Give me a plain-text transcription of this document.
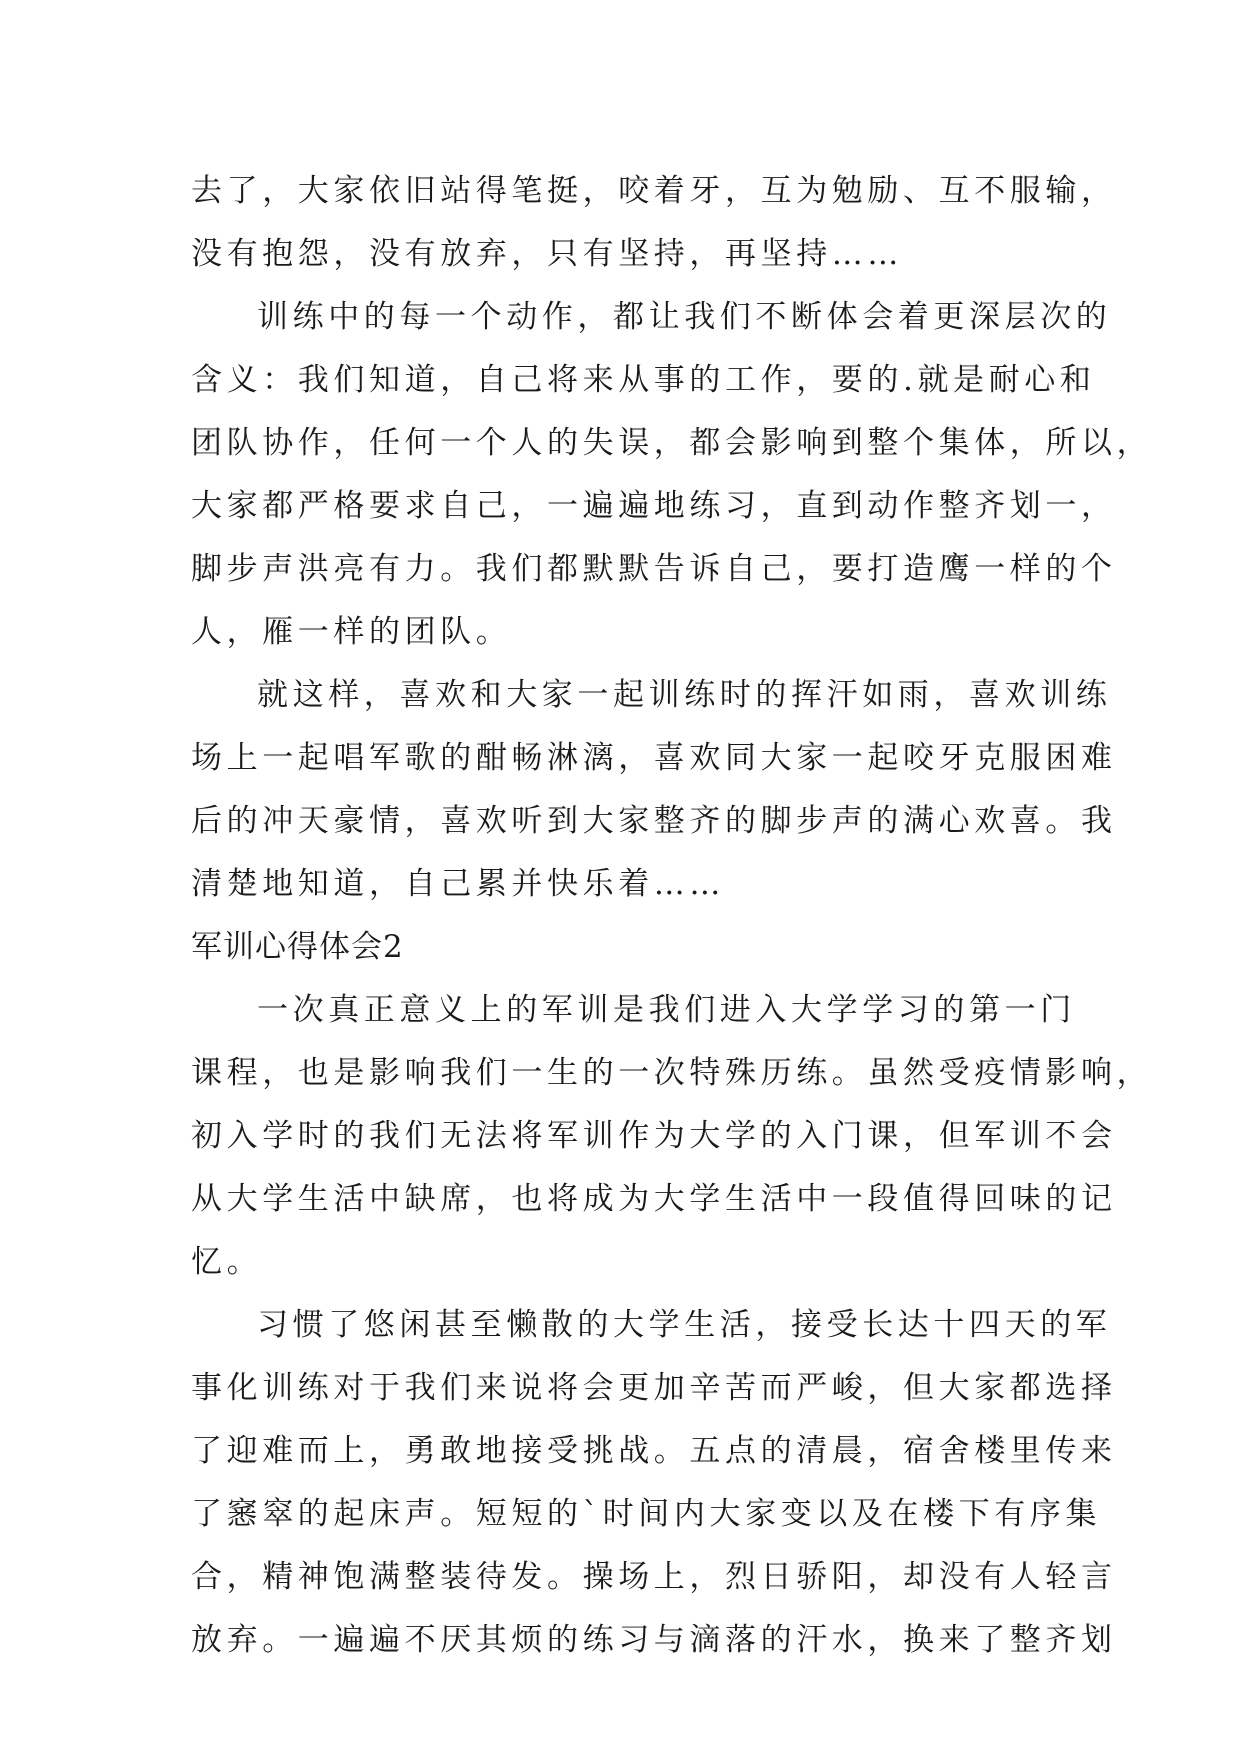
去了，大家依旧站得笔挺，咬着牙，互为勉励、互不服输，
没有抱怨，没有放弃，只有坚持，再坚持……
训练中的每一个动作，都让我们不断体会着更深层次的
含义：我们知道，自己将来从事的工作，要的.就是耐心和
团队协作，任何一个人的失误，都会影响到整个集体，所以，
大家都严格要求自己，一遍遍地练习，直到动作整齐划一，
脚步声洪亮有力。我们都默默告诉自己，要打造鹰一样的个
人，雁一样的团队。
就这样，喜欢和大家一起训练时的挥汗如雨，喜欢训练
场上一起唱军歌的酣畅淋漓，喜欢同大家一起咬牙克服困难
后的冲天豪情，喜欢听到大家整齐的脚步声的满心欢喜。我
清楚地知道，自己累并快乐着……
军训心得体会2
一次真正意义上的军训是我们进入大学学习的第一门
课程，也是影响我们一生的一次特殊历练。虽然受疫情影响，
初入学时的我们无法将军训作为大学的入门课，但军训不会
从大学生活中缺席，也将成为大学生活中一段值得回味的记
忆。
习惯了悠闲甚至懒散的大学生活，接受长达十四天的军
事化训练对于我们来说将会更加辛苦而严峻，但大家都选择
了迎难而上，勇敢地接受挑战。五点的清晨，宿舍楼里传来
了窸窣的起床声。短短的`时间内大家变以及在楼下有序集
合，精神饱满整装待发。操场上，烈日骄阳，却没有人轻言
放弃。一遍遍不厌其烦的练习与滴落的汗水，换来了整齐划
